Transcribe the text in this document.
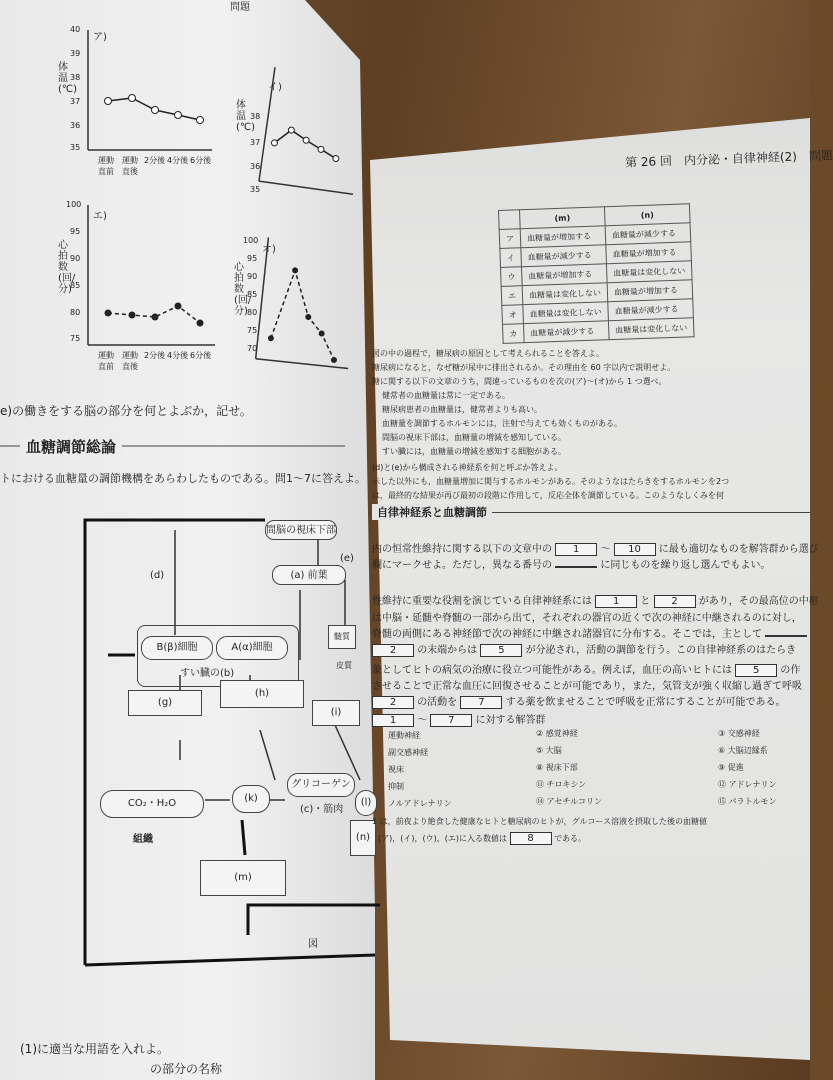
問題
ア)
体温(℃)
40
39
38
37
36
35
運動直前
運動直後
2分後 4分後 6分後
イ)
体温(℃)
38
37
36
35
エ)
心拍数(回/分)
100
95
90
85
80
75
運動直前
運動直後
2分後 4分後 6分後
オ)
心拍数(回/分)
100
95
90
85
80
75
70
e)の働きをする脳の部分を何とよぶか，記せ。
血糖調節総論
トにおける血糖量の調節機構をあらわしたものである。問1～7に答えよ。
間脳の視床下部
(a) 前葉
(e)
(d)
B(β)細胞	A(α)細胞
すい臓の(b)
髄質
皮質
(g)
(h)
(i)
CO₂・H₂O
組織
(k)
グリコーゲン
(c)・筋肉
(l)
(n)
(m)
図
(1)に適当な用語を入れよ。
の部分の名称
第 26 回　内分泌・自律神経(2)　問題
	(m)	(n)
ア	血糖量が増加する	血糖量が減少する
イ	血糖量が減少する	血糖量が増加する
ウ	血糖量が増加する	血糖量は変化しない
エ	血糖量は変化しない	血糖量が増加する
オ	血糖量は変化しない	血糖量が減少する
カ	血糖量が減少する	血糖量は変化しない
図の中の過程で，糖尿病の原因として考えられることを答えよ。
糖尿病になると，なぜ糖が尿中に排出されるか。その理由を 60 字以内で説明せよ。
糖に関する以下の文章のうち，間違っているものを次の(ア)～(オ)から 1 つ選べ。
健常者の血糖量は常に一定である。
糖尿病患者の血糖量は，健常者よりも高い。
血糖量を調節するホルモンには，注射で与えても効くものがある。
間脳の視床下部は，血糖量の増減を感知している。
すい臓には，血糖量の増減を感知する細胞がある。
(d)と(e)から構成される神経系を何と呼ぶか答えよ。
示した以外にも，血糖量増加に関与するホルモンがある。そのようなはたらきをするホルモンを2つ
は，最終的な結果が再び最初の段階に作用して，反応全体を調節している。このようなしくみを何
自律神経系と血糖調節
内の恒常性維持に関する以下の文章中の 1 ～ 10 に最も適切なものを解答群から選び
欄にマークせよ。ただし，異なる番号の	に同じものを繰り返し選んでもよい。
性維持に重要な役割を演じている自律神経系には 1 と 2 があり，その最高位の中枢
は中脳・延髄や脊髄の一部から出て，それぞれの器官の近くで次の神経に中継されるのに対し，
脊髄の両側にある神経節で次の神経に中継され諸器官に分布する。そこでは，主として
2 の末端からは 5 が分泌され，活動の調節を行う。この自律神経系のはたらき
象としてヒトの病気の治療に役立つ可能性がある。例えば，血圧の高いヒトには 5 の作
させることで正常な血圧に回復させることが可能であり，また，気管支が強く収縮し過ぎて呼吸
2 の活動を 7 する薬を飲ませることで呼吸を正常にすることが可能である。
1 ～ 7 に対する解答群
運動神経
副交感神経
視床
抑制
ノルアドレナリン
② 感覚神経
⑤ 大脳
⑧ 視床下部
⑪ チロキシン
⑭ アセチルコリン
③ 交感神経
⑥ 大脳辺縁系
⑨ 促進
⑫ アドレナリン
⑮ パラトルモン
1 は，前夜より絶食した健康なヒトと糖尿病のヒトが，グルコース溶液を摂取した後の血糖値
(ア)，(イ)，(ウ)，(エ)に入る数値は 8	である。
